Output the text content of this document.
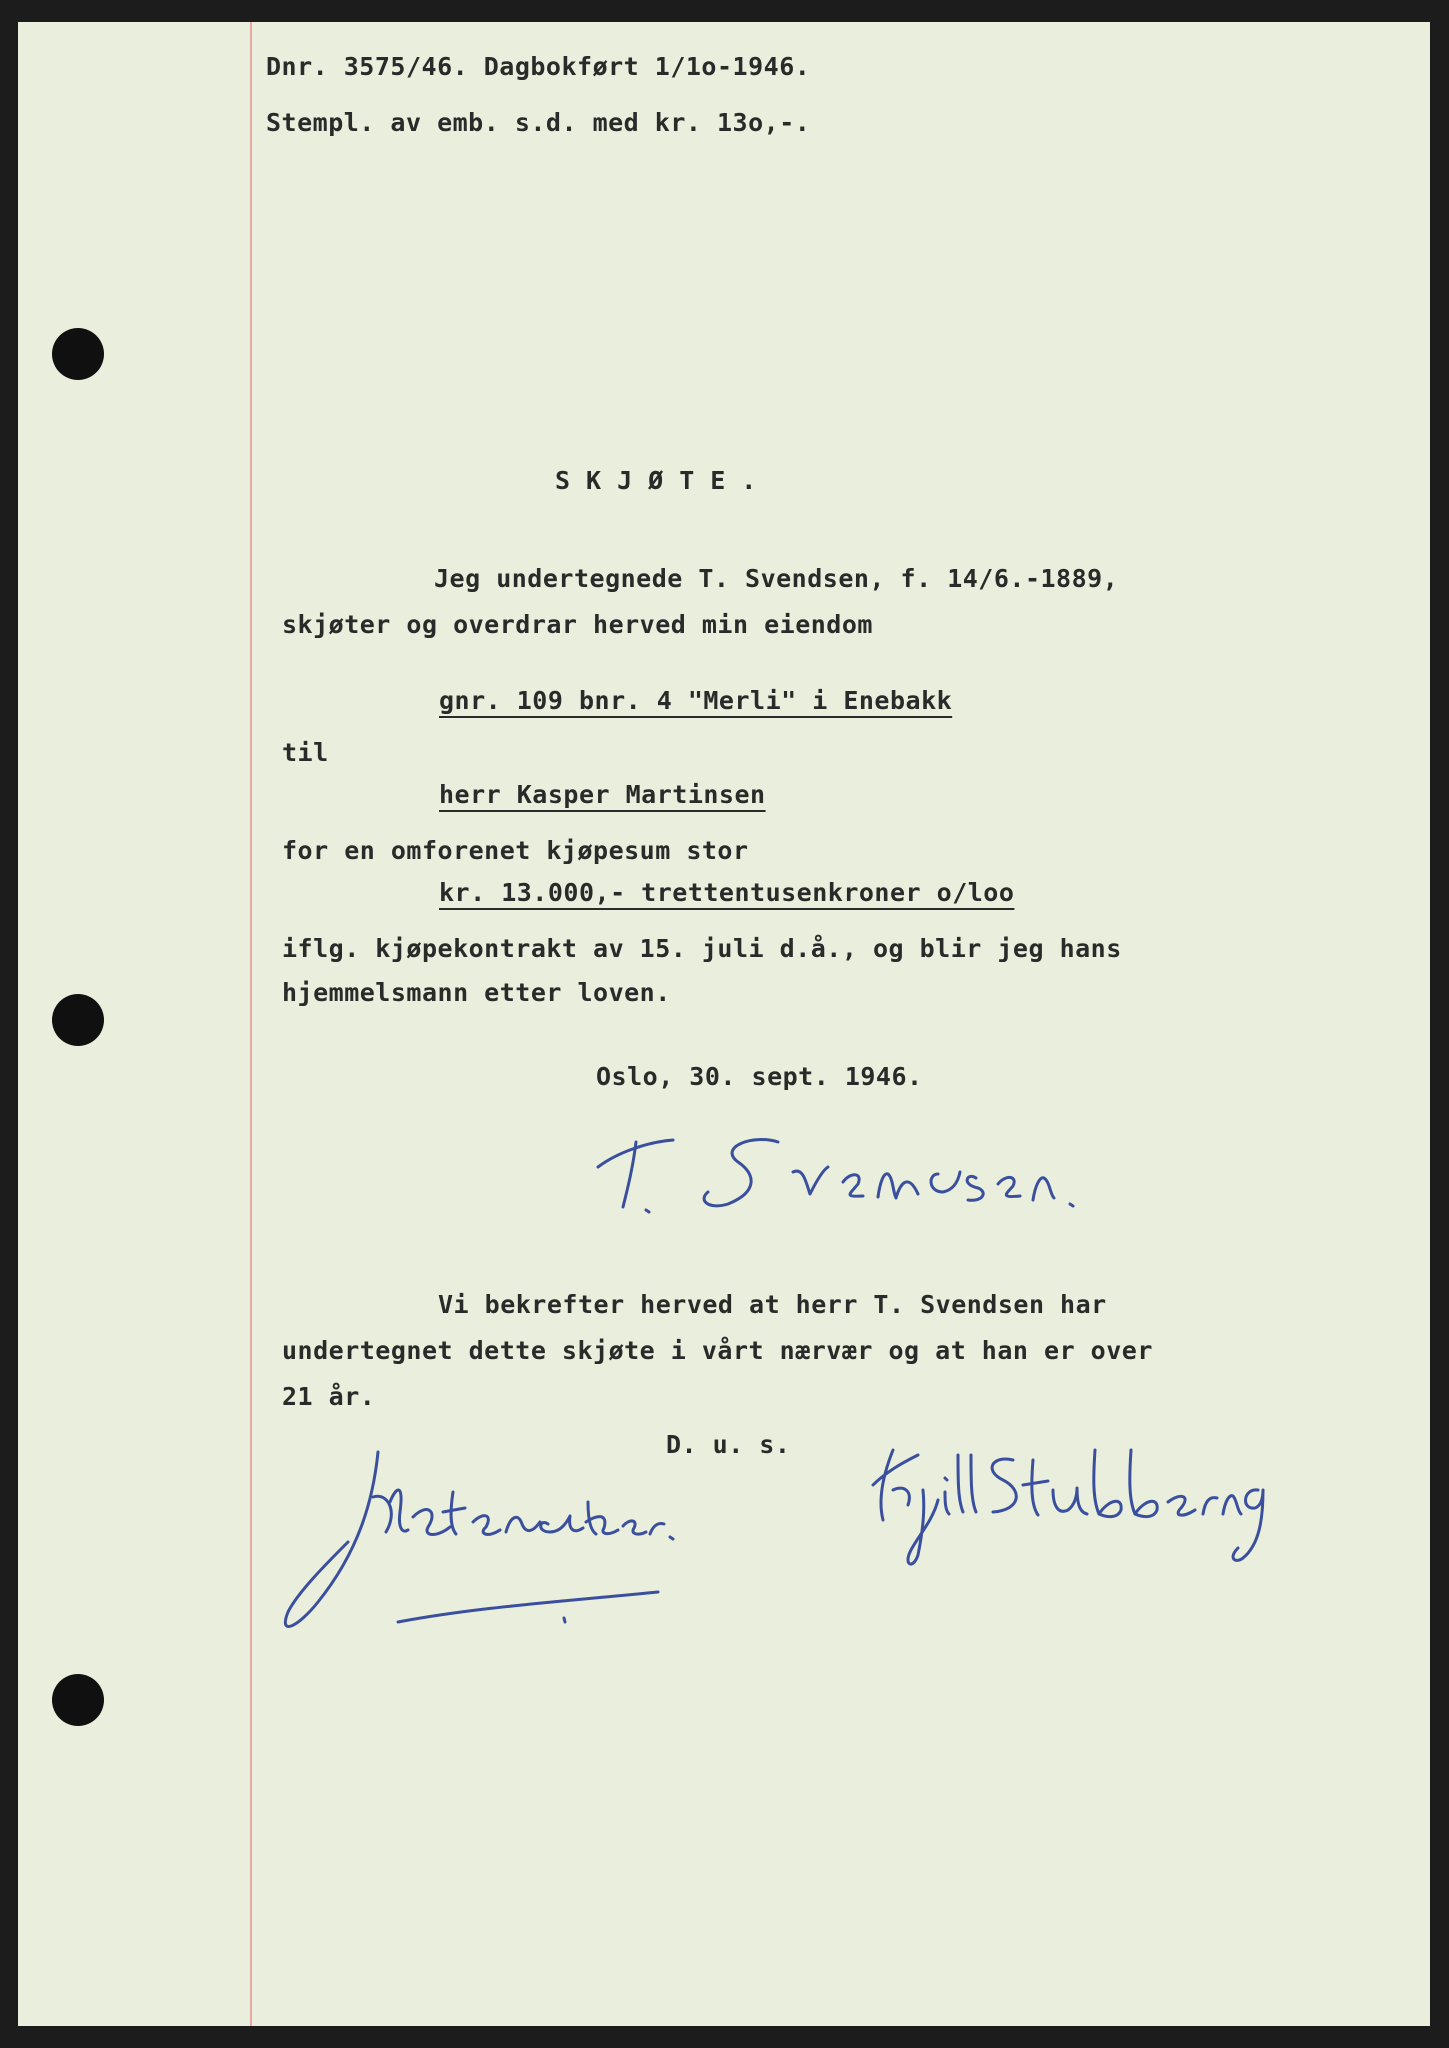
Dnr. 3575/46. Dagbokført 1/1o-1946.
Stempl. av emb. s.d. med kr. 13o,-.
SKJØTE.
Jeg undertegnede T. Svendsen, f. 14/6.-1889,
skjøter og overdrar herved min eiendom
gnr. 109 bnr. 4 "Merli" i Enebakk
til
herr Kasper Martinsen
for en omforenet kjøpesum stor
kr. 13.000,- trettentusenkroner o/loo
iflg. kjøpekontrakt av 15. juli d.å., og blir jeg hans
hjemmelsmann etter loven.
Oslo, 30. sept. 1946.
Vi bekrefter herved at herr T. Svendsen har
undertegnet dette skjøte i vårt nærvær og at han er over
21 år.
D. u. s.
